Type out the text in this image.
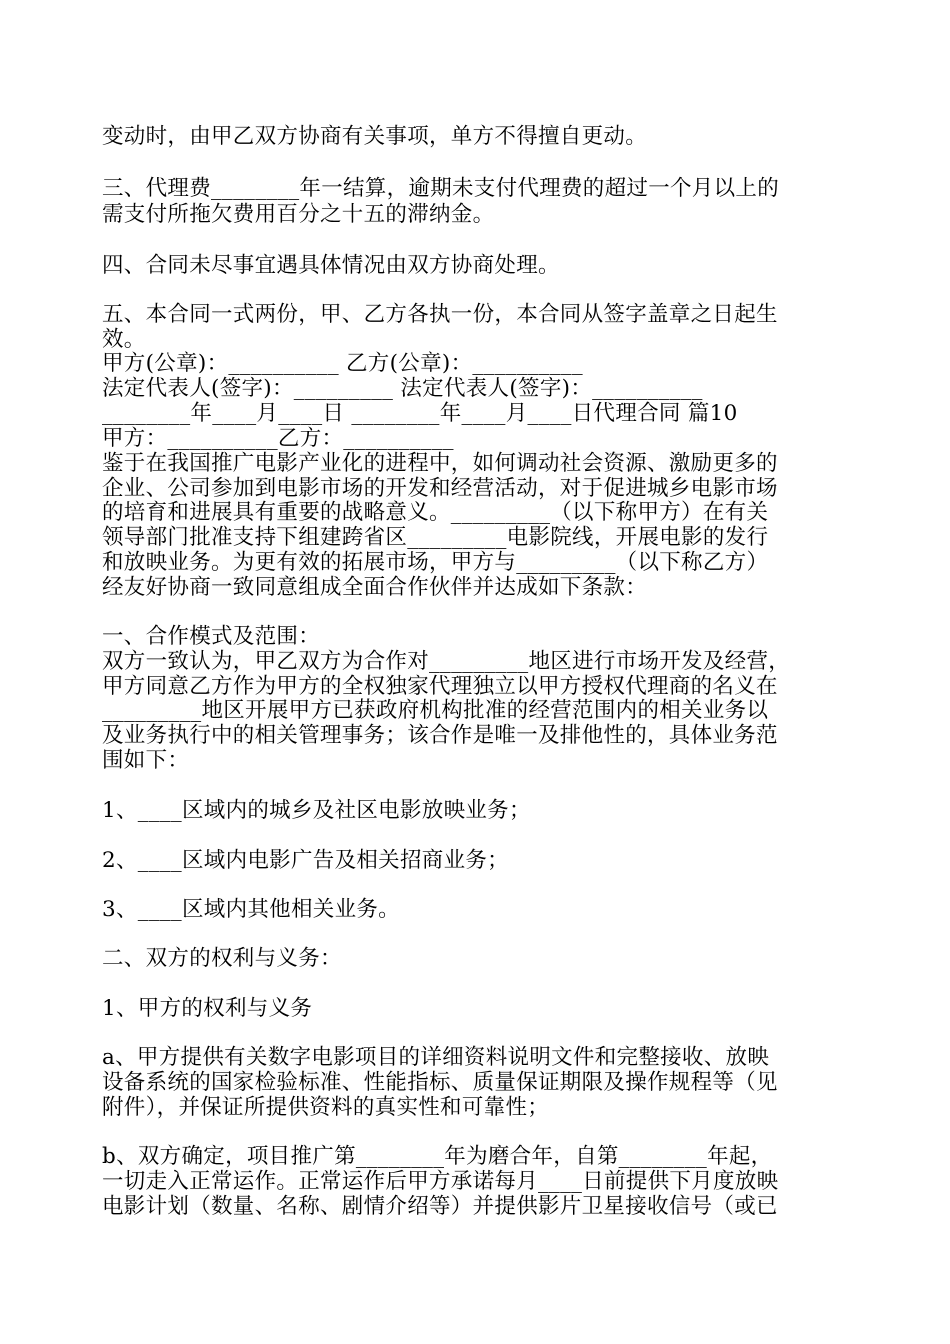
变动时，由甲乙双方协商有关事项，单方不得擅自更动。
三、代理费________年一结算，逾期未支付代理费的超过一个月以上的
需支付所拖欠费用百分之十五的滞纳金。
四、合同未尽事宜遇具体情况由双方协商处理。
五、本合同一式两份，甲、乙方各执一份，本合同从签字盖章之日起生
效。
甲方(公章)：__________ 乙方(公章)：__________
法定代表人(签字)：_________ 法定代表人(签字)：__________
________年____月____日 ________年____月____日代理合同 篇10
甲方：__________乙方：__________
鉴于在我国推广电影产业化的进程中，如何调动社会资源、激励更多的
企业、公司参加到电影市场的开发和经营活动，对于促进城乡电影市场
的培育和进展具有重要的战略意义。_________（以下称甲方）在有关
领导部门批准支持下组建跨省区_________电影院线，开展电影的发行
和放映业务。为更有效的拓展市场，甲方与_________（以下称乙方）
经友好协商一致同意组成全面合作伙伴并达成如下条款：
一、合作模式及范围：
双方一致认为，甲乙双方为合作对_________地区进行市场开发及经营，
甲方同意乙方作为甲方的全权独家代理独立以甲方授权代理商的名义在
_________地区开展甲方已获政府机构批准的经营范围内的相关业务以
及业务执行中的相关管理事务；该合作是唯一及排他性的，具体业务范
围如下：
1、____区域内的城乡及社区电影放映业务；
2、____区域内电影广告及相关招商业务；
3、____区域内其他相关业务。
二、双方的权利与义务：
1、甲方的权利与义务
a、甲方提供有关数字电影项目的详细资料说明文件和完整接收、放映
设备系统的国家检验标准、性能指标、质量保证期限及操作规程等（见
附件），并保证所提供资料的真实性和可靠性；
b、双方确定，项目推广第________年为磨合年，自第________年起，
一切走入正常运作。正常运作后甲方承诺每月____日前提供下月度放映
电影计划（数量、名称、剧情介绍等）并提供影片卫星接收信号（或已
